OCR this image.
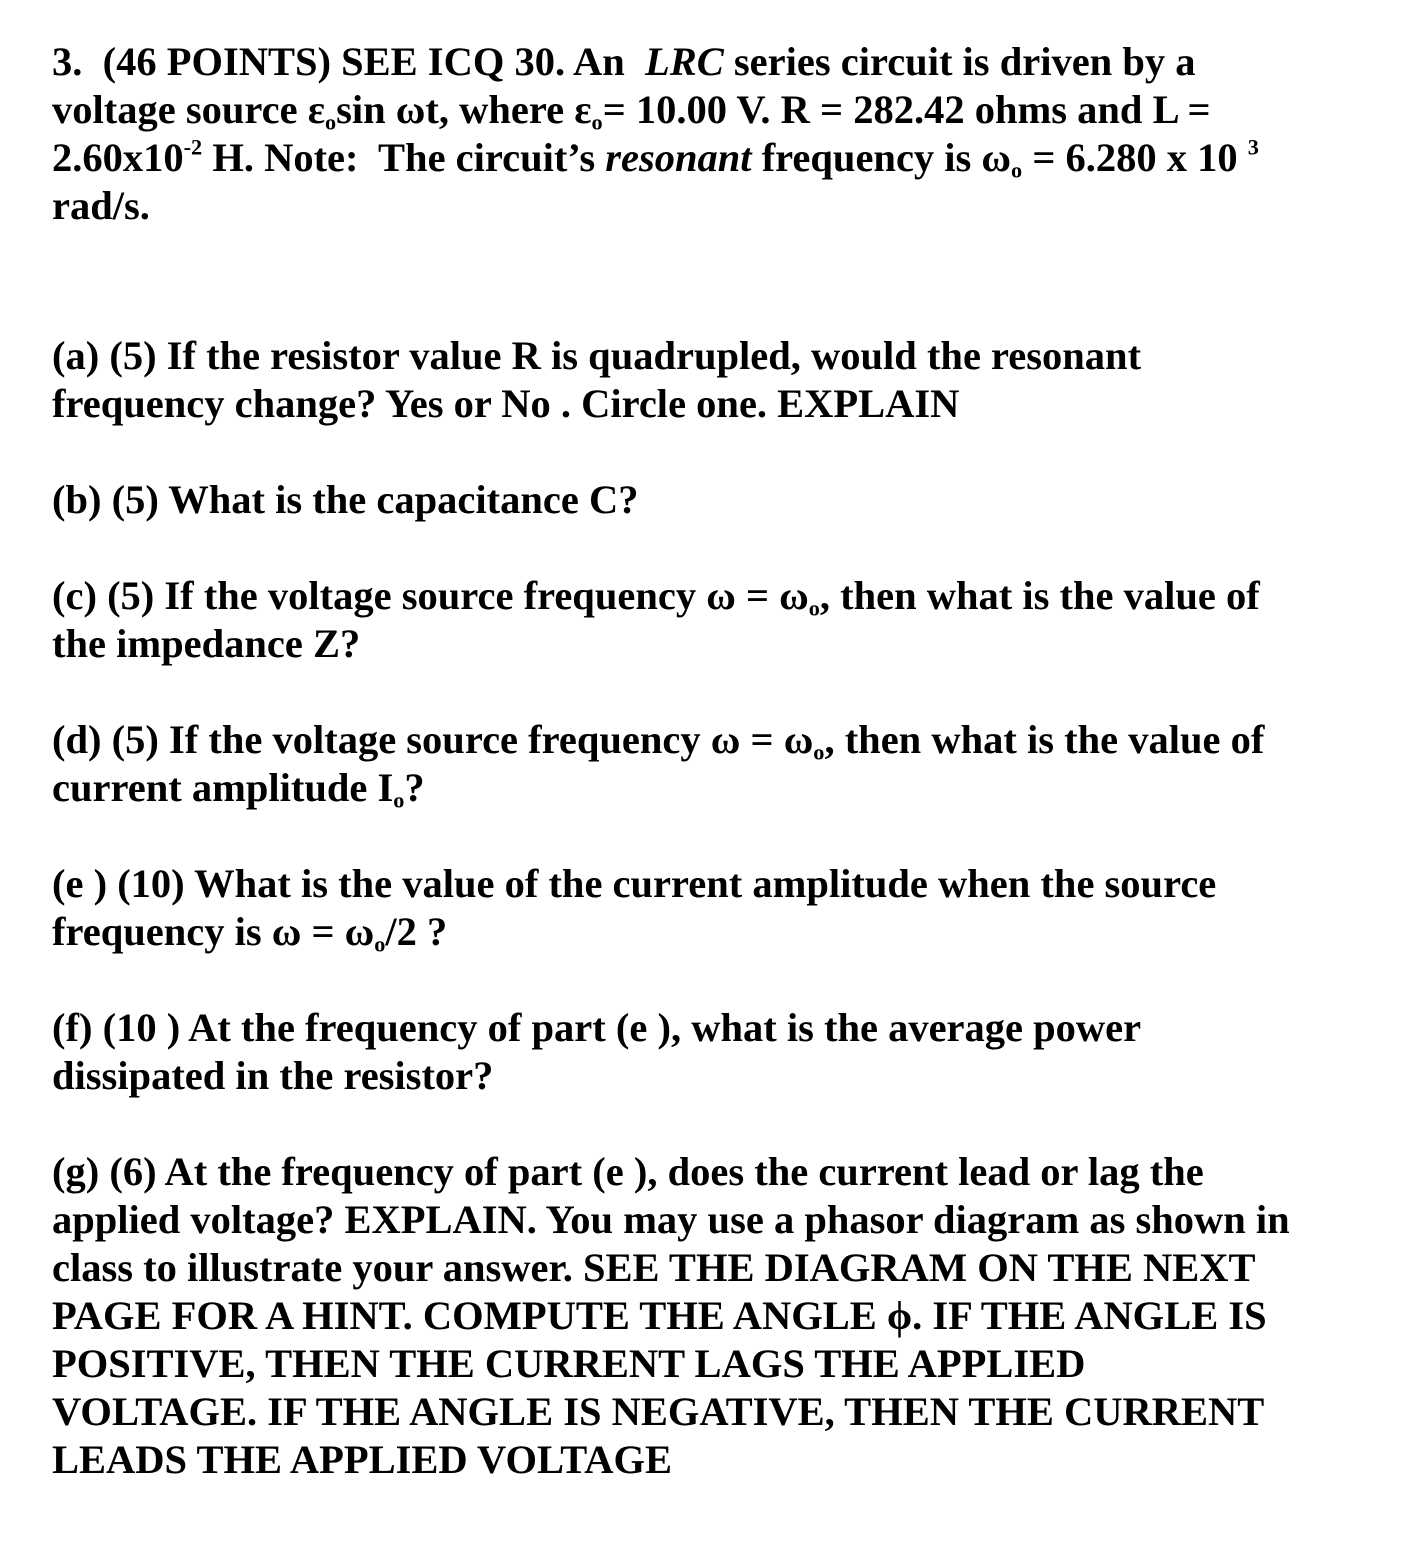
3. (46 POINTS) SEE ICQ 30. An LRC series circuit is driven by a
voltage source $\varepsilon_o\sin$ ωt, where $\varepsilon_o= 10.00$ V. R = 282.42 ohms and L =
$2.60x10^{-2}$ H. Note:  The circuit’s resonant frequency is $\omega_o = 6.280$ x 10 $^3$
rad/s.

(a) (5) If the resistor value R is quadrupled, would the resonant
frequency change? Yes or No . Circle one. EXPLAIN

(b) (5) What is the capacitance C?

(c) (5) If the voltage source frequency $\omega = \omega_o$, then what is the value of
the impedance Z?

(d) (5) If the voltage source frequency $\omega = \omega_o$, then what is the value of
current amplitude $I_o$?

(e ) (10) What is the value of the current amplitude when the source
frequency is $\omega = \omega_o/2$ ?

(f) (10 ) At the frequency of part (e ), what is the average power
dissipated in the resistor?

(g) (6) At the frequency of part (e ), does the current lead or lag the
applied voltage? EXPLAIN. You may use a phasor diagram as shown in
class to illustrate your answer. SEE THE DIAGRAM ON THE NEXT
PAGE FOR A HINT. COMPUTE THE ANGLE ϕ. IF THE ANGLE IS
POSITIVE, THEN THE CURRENT LAGS THE APPLIED
VOLTAGE. IF THE ANGLE IS NEGATIVE, THEN THE CURRENT
LEADS THE APPLIED VOLTAGE
